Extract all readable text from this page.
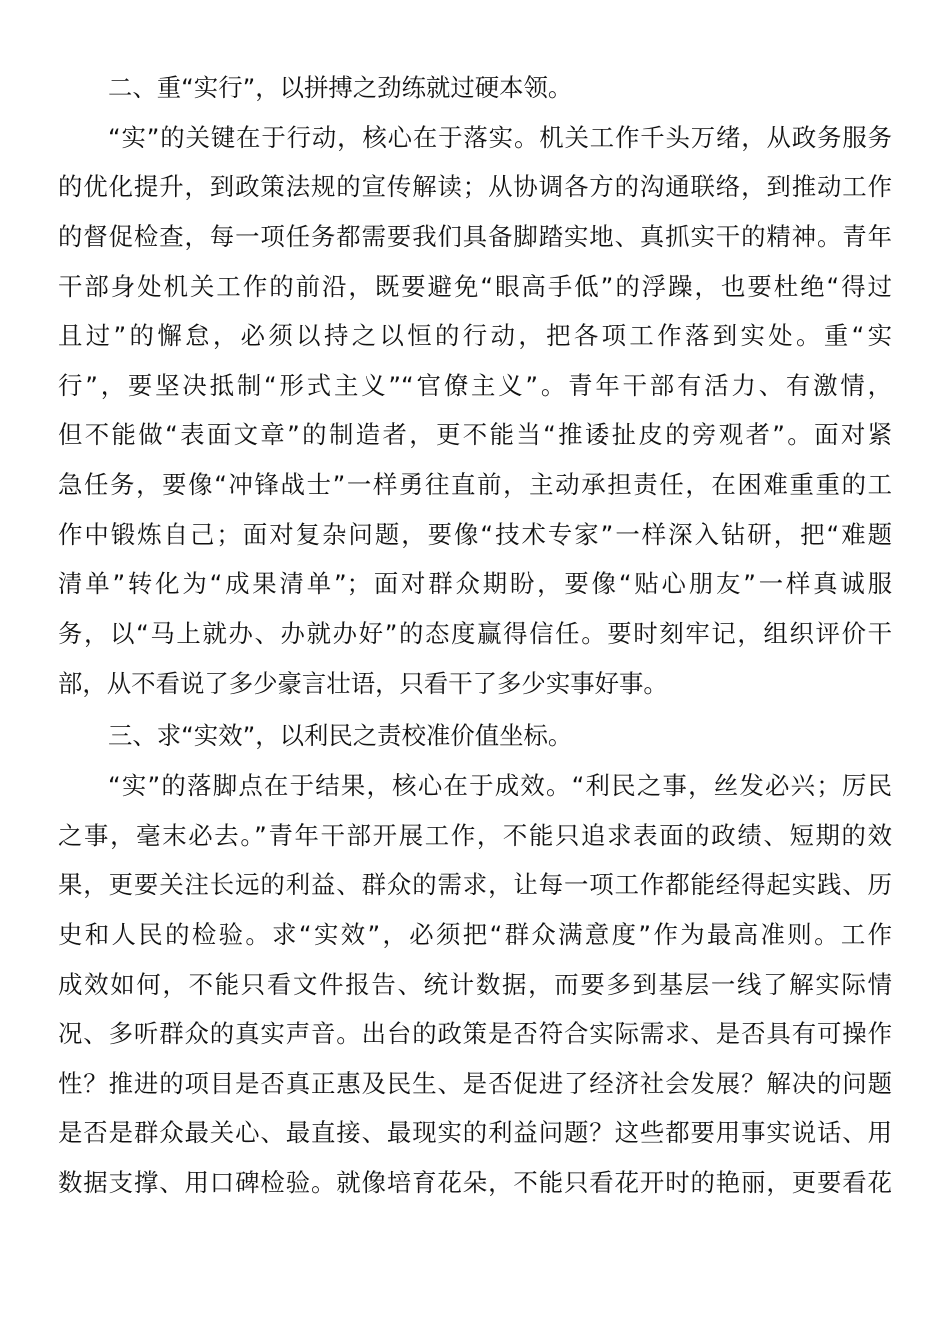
二、重“实行”，以拼搏之劲练就过硬本领。
“实”的关键在于行动，核心在于落实。机关工作千头万绪，从政务服务
的优化提升，到政策法规的宣传解读；从协调各方的沟通联络，到推动工作
的督促检查，每一项任务都需要我们具备脚踏实地、真抓实干的精神。青年
干部身处机关工作的前沿，既要避免“眼高手低”的浮躁，也要杜绝“得过
且过”的懈怠，必须以持之以恒的行动，把各项工作落到实处。重“实
行”，要坚决抵制“形式主义”“官僚主义”。青年干部有活力、有激情，
但不能做“表面文章”的制造者，更不能当“推诿扯皮的旁观者”。面对紧
急任务，要像“冲锋战士”一样勇往直前，主动承担责任，在困难重重的工
作中锻炼自己；面对复杂问题，要像“技术专家”一样深入钻研，把“难题
清单”转化为“成果清单”；面对群众期盼，要像“贴心朋友”一样真诚服
务，以“马上就办、办就办好”的态度赢得信任。要时刻牢记，组织评价干
部，从不看说了多少豪言壮语，只看干了多少实事好事。
三、求“实效”，以利民之责校准价值坐标。
“实”的落脚点在于结果，核心在于成效。“利民之事，丝发必兴；厉民
之事，毫末必去。”青年干部开展工作，不能只追求表面的政绩、短期的效
果，更要关注长远的利益、群众的需求，让每一项工作都能经得起实践、历
史和人民的检验。求“实效”，必须把“群众满意度”作为最高准则。工作
成效如何，不能只看文件报告、统计数据，而要多到基层一线了解实际情
况、多听群众的真实声音。出台的政策是否符合实际需求、是否具有可操作
性？推进的项目是否真正惠及民生、是否促进了经济社会发展？解决的问题
是否是群众最关心、最直接、最现实的利益问题？这些都要用事实说话、用
数据支撑、用口碑检验。就像培育花朵，不能只看花开时的艳丽，更要看花
